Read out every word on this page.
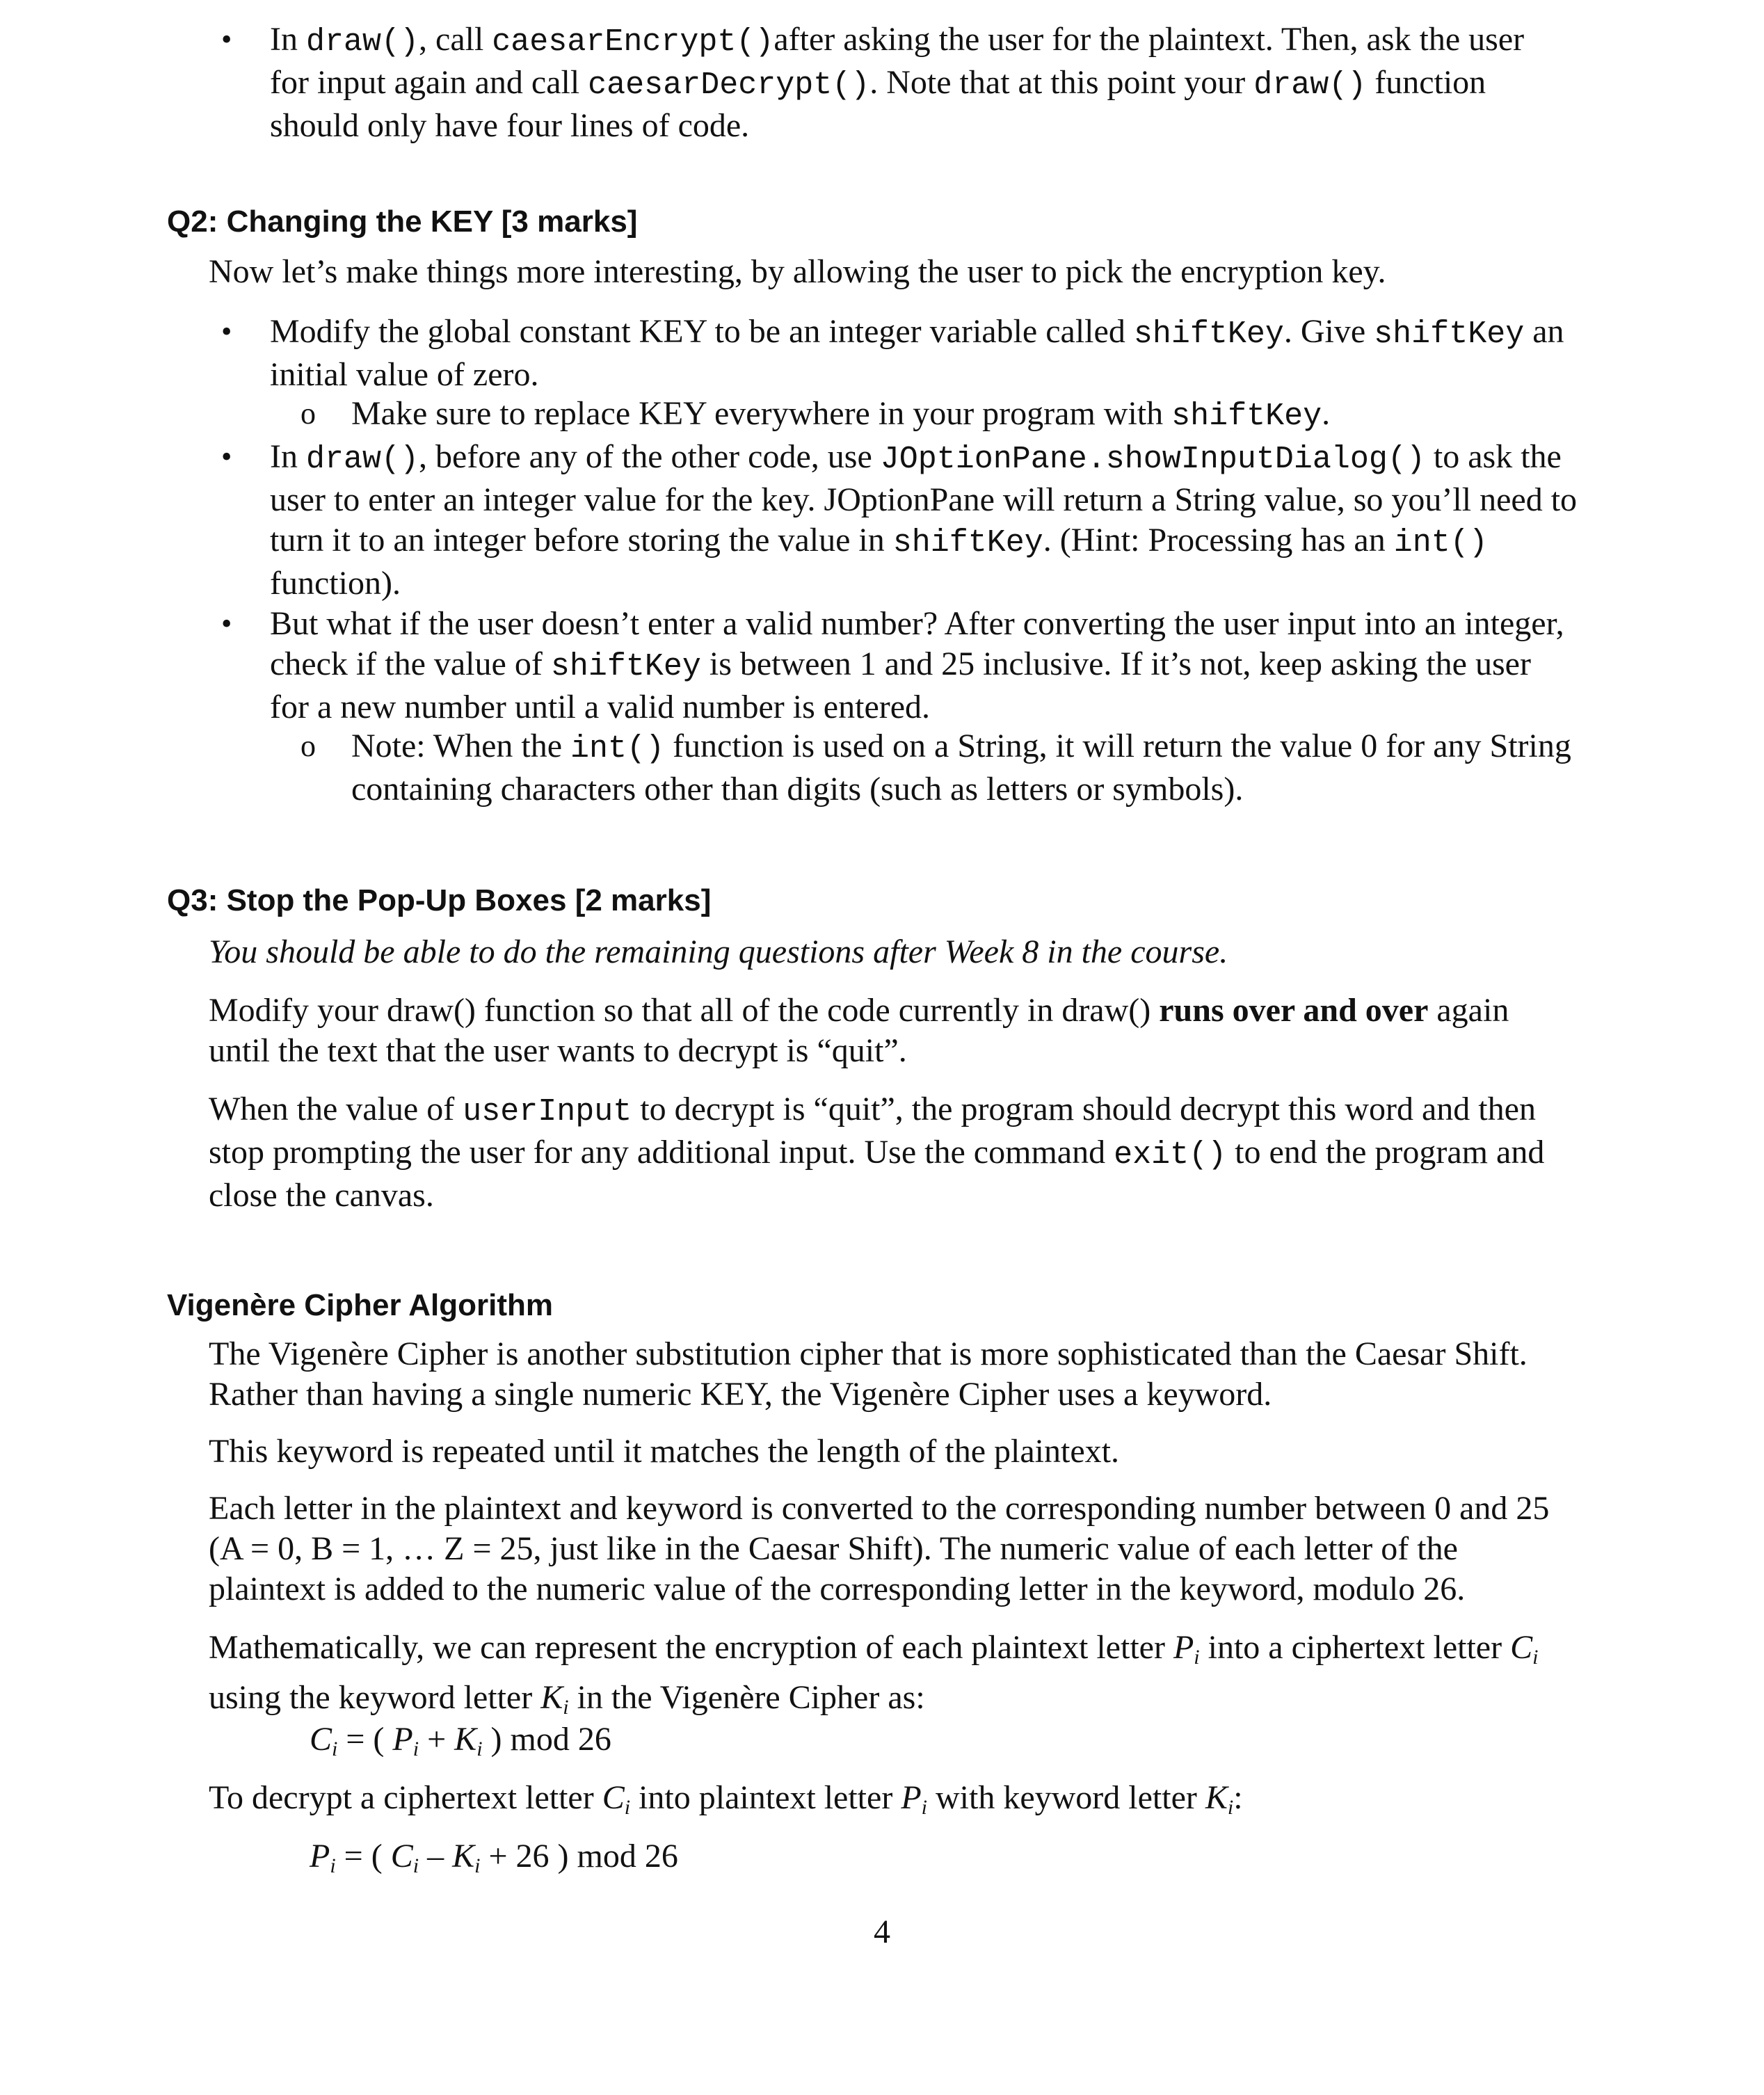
• In draw(), call caesarEncrypt()after asking the user for the plaintext. Then, ask the user for input again and call caesarDecrypt(). Note that at this point your draw() function should only have four lines of code.

Q2: Changing the KEY [3 marks]

Now let’s make things more interesting, by allowing the user to pick the encryption key.

• Modify the global constant KEY to be an integer variable called shiftKey. Give shiftKey an initial value of zero.

o Make sure to replace KEY everywhere in your program with shiftKey.

• In draw(), before any of the other code, use JOptionPane.showInputDialog() to ask the user to enter an integer value for the key. JOptionPane will return a String value, so you’ll need to turn it to an integer before storing the value in shiftKey. (Hint: Processing has an int() function).

• But what if the user doesn’t enter a valid number? After converting the user input into an integer, check if the value of shiftKey is between 1 and 25 inclusive. If it’s not, keep asking the user for a new number until a valid number is entered.

o Note: When the int() function is used on a String, it will return the value 0 for any String containing characters other than digits (such as letters or symbols).

Q3: Stop the Pop-Up Boxes [2 marks]

You should be able to do the remaining questions after Week 8 in the course.

Modify your draw() function so that all of the code currently in draw() runs over and over again until the text that the user wants to decrypt is “quit”.

When the value of userInput to decrypt is “quit”, the program should decrypt this word and then stop prompting the user for any additional input. Use the command exit() to end the program and close the canvas.

Vigenère Cipher Algorithm

The Vigenère Cipher is another substitution cipher that is more sophisticated than the Caesar Shift. Rather than having a single numeric KEY, the Vigenère Cipher uses a keyword.

This keyword is repeated until it matches the length of the plaintext.

Each letter in the plaintext and keyword is converted to the corresponding number between 0 and 25 (A = 0, B = 1, … Z = 25, just like in the Caesar Shift). The numeric value of each letter of the plaintext is added to the numeric value of the corresponding letter in the keyword, modulo 26.

Mathematically, we can represent the encryption of each plaintext letter $P_i$ into a ciphertext letter $C_i$ using the keyword letter $K_i$ in the Vigenère Cipher as:

$C_i$ = ( $P_i + K_i$ ) mod 26

To decrypt a ciphertext letter $C_i$ into plaintext letter $P_i$ with keyword letter $K_i$:

$P_i$ = ( $C_i - K_i + 26$ ) mod 26

4
